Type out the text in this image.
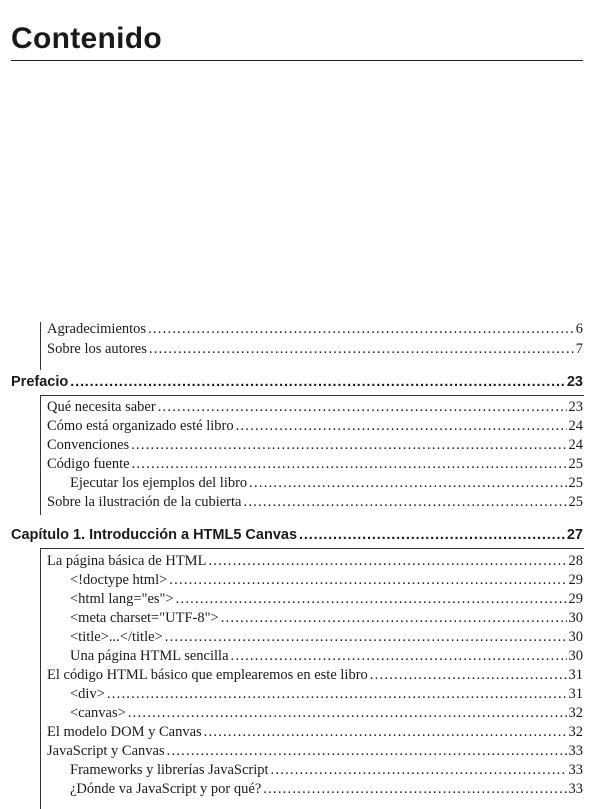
Contenido
Agradecimientos . . .	6
Sobre los autores . . .	7
Prefacio . . .	23
Qué necesita saber . . .	23
Cómo está organizado esté libro . . .	24
Convenciones . . .	24
Código fuente . . .	25
Ejecutar los ejemplos del libro . . .	25
Sobre la ilustración de la cubierta . . .	25
Capítulo 1. Introducción a HTML5 Canvas . . .	27
La página básica de HTML . . .	28
<!doctype html> . . .	29
<html lang="es"> . . .	29
<meta charset="UTF-8"> . . .	30
<title>...</title> . . .	30
Una página HTML sencilla . . .	30
El código HTML básico que emplearemos en este libro . . .	31
<div> . . .	31
<canvas> . . .	32
El modelo DOM y Canvas . . .	32
JavaScript y Canvas . . .	33
Frameworks y librerías JavaScript . . .	33
¿Dónde va JavaScript y por qué? . . .	33
